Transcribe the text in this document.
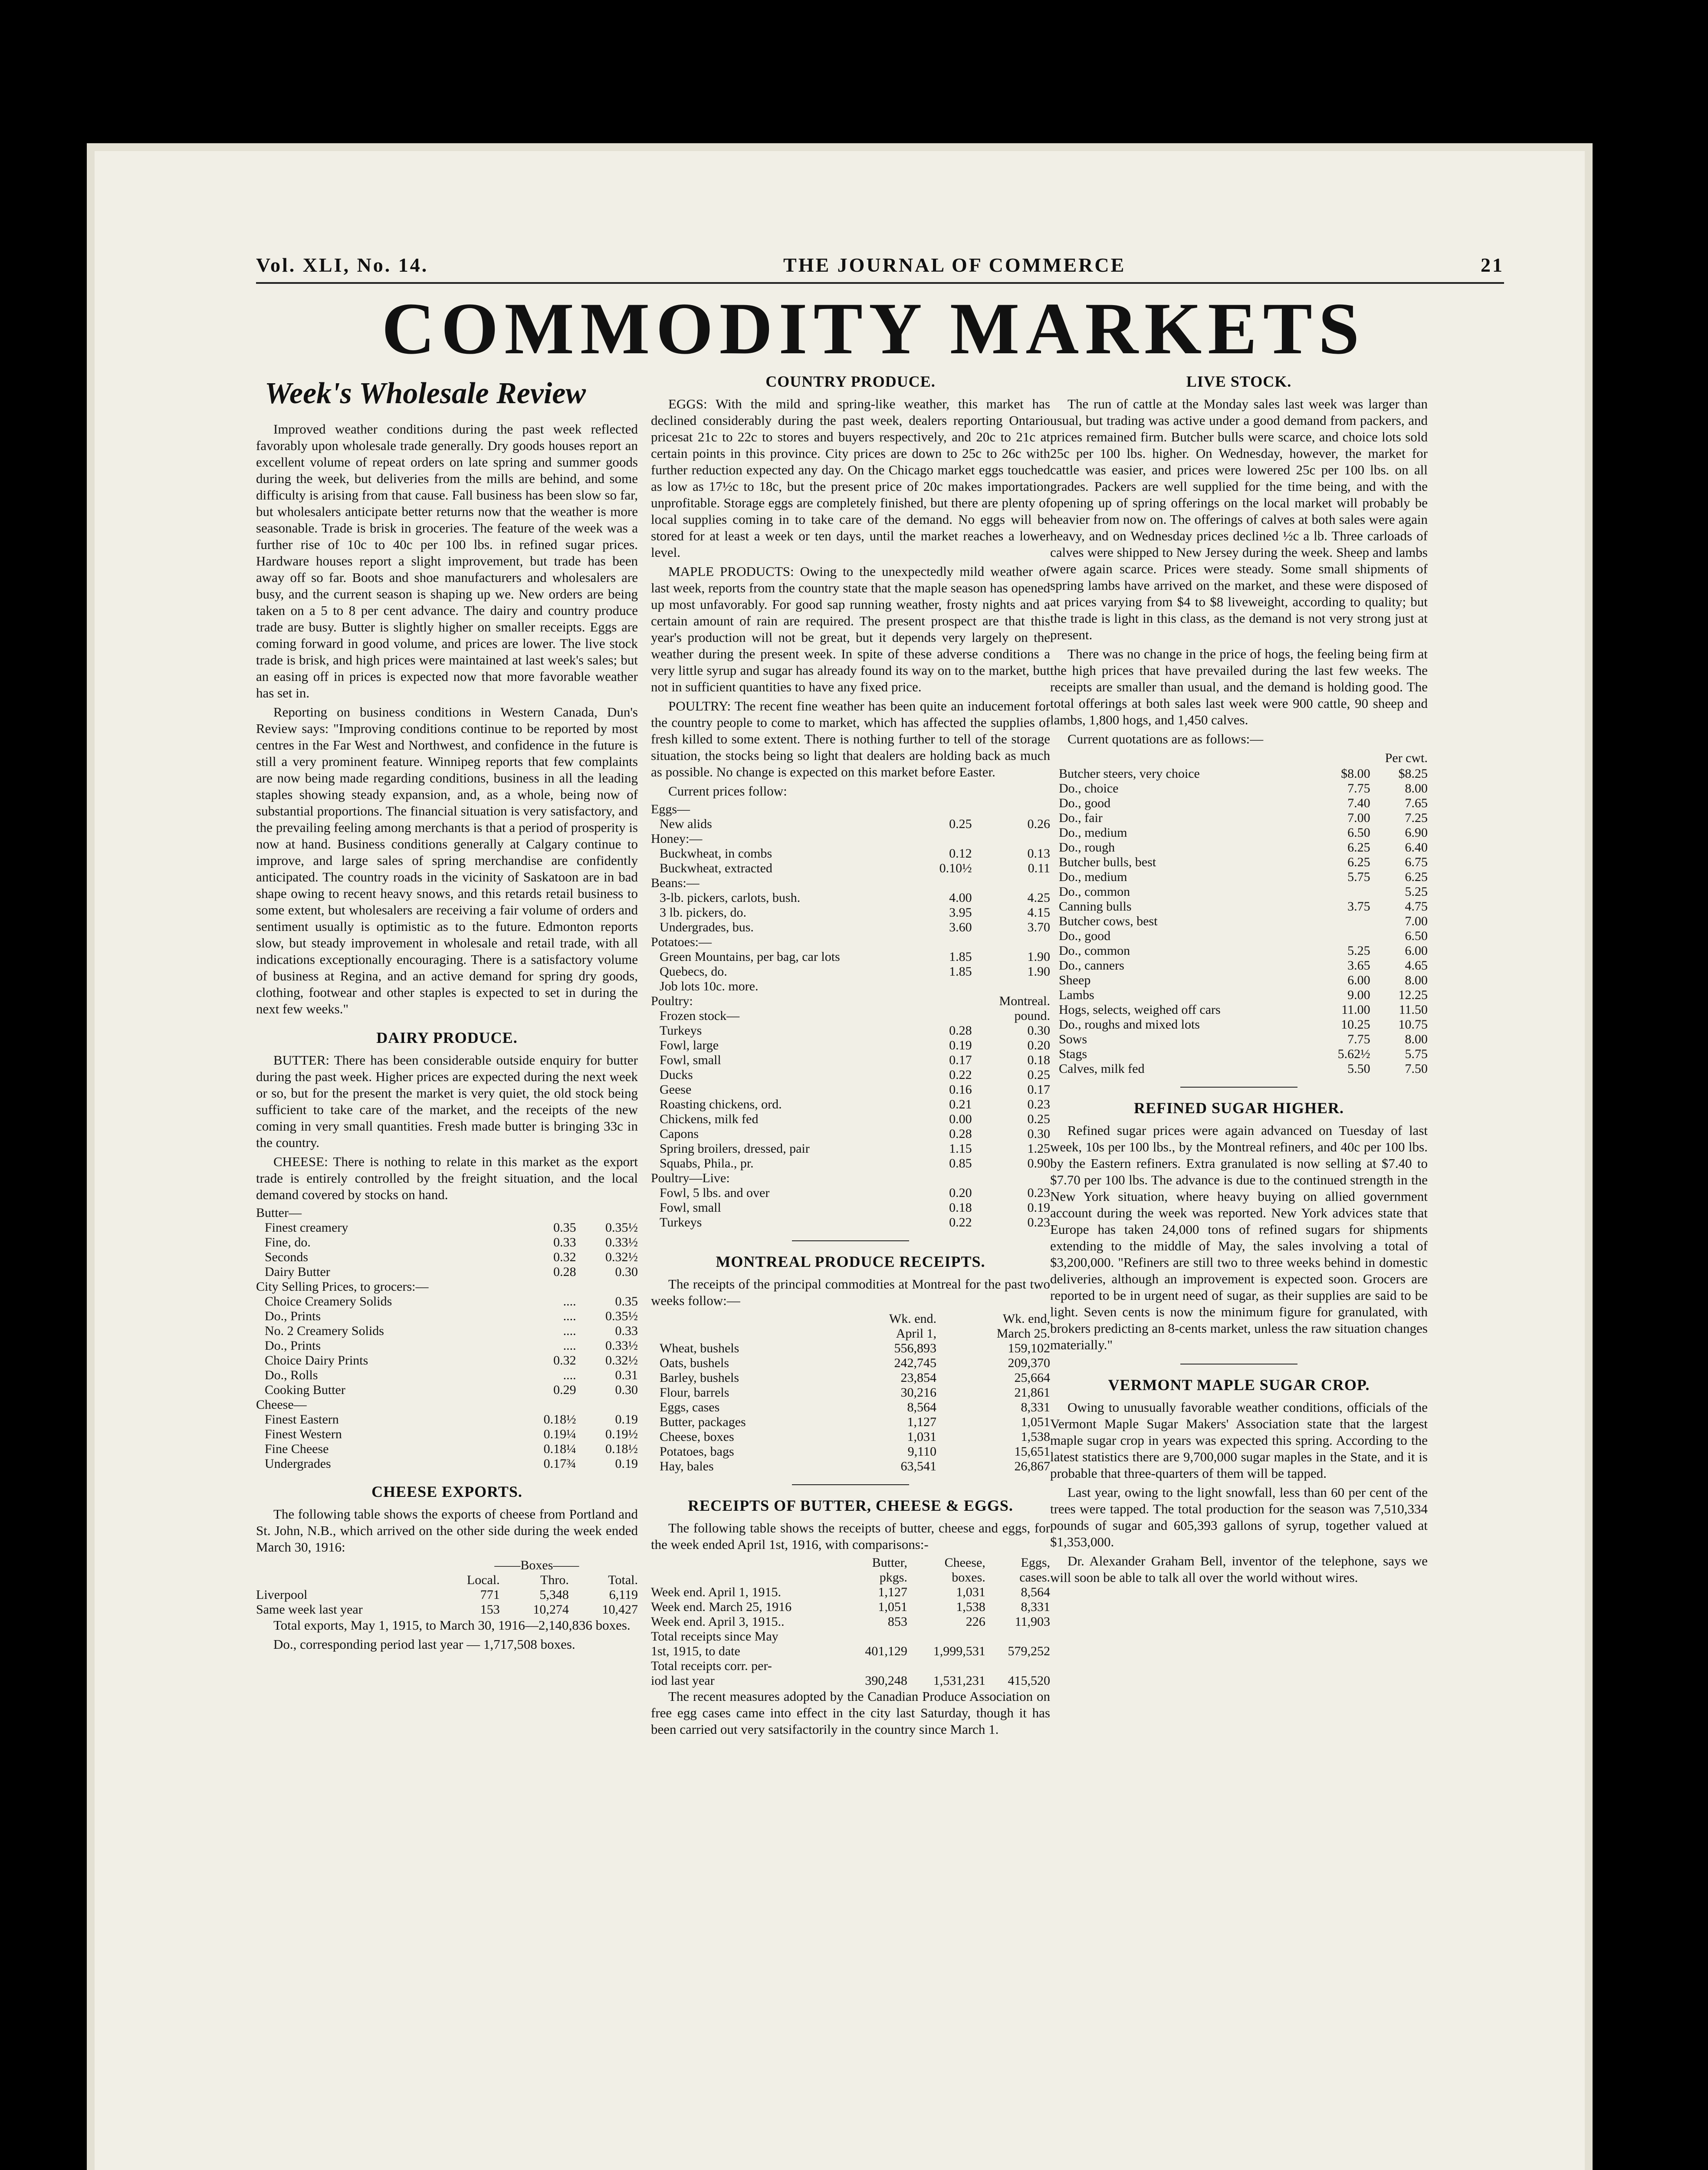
Vol. XLI, No. 14.	THE JOURNAL OF COMMERCE	21
COMMODITY MARKETS
Week's Wholesale Review

Improved weather conditions during the past week reflected favorably upon wholesale trade generally. Dry goods houses report an excellent volume of repeat orders on late spring and summer goods during the week, but deliveries from the mills are behind, and some difficulty is arising from that cause. Fall business has been slow so far, but wholesalers anticipate better returns now that the weather is more seasonable. Trade is brisk in groceries. The feature of the week was a further rise of 10c to 40c per 100 lbs. in refined sugar prices. Hardware houses report a slight improvement, but trade has been away off so far. Boots and shoe manufacturers and wholesalers are busy, and the current season is shaping up we. New orders are being taken on a 5 to 8 per cent advance. The dairy and country produce trade are busy. Butter is slightly higher on smaller receipts. Eggs are coming forward in good volume, and prices are lower. The live stock trade is brisk, and high prices were maintained at last week's sales; but an easing off in prices is expected now that more favorable weather has set in.

Reporting on business conditions in Western Canada, Dun's Review says: "Improving conditions continue to be reported by most centres in the Far West and Northwest, and confidence in the future is still a very prominent feature. Winnipeg reports that few complaints are now being made regarding conditions, business in all the leading staples showing steady expansion, and, as a whole, being now of substantial proportions. The financial situation is very satisfactory, and the prevailing feeling among merchants is that a period of prosperity is now at hand. Business conditions generally at Calgary continue to improve, and large sales of spring merchandise are confidently anticipated. The country roads in the vicinity of Saskatoon are in bad shape owing to recent heavy snows, and this retards retail business to some extent, but wholesalers are receiving a fair volume of orders and sentiment usually is optimistic as to the future. Edmonton reports slow, but steady improvement in wholesale and retail trade, with all indications exceptionally encouraging. There is a satisfactory volume of business at Regina, and an active demand for spring dry goods, clothing, footwear and other staples is expected to set in during the next few weeks."

DAIRY PRODUCE.

BUTTER: There has been considerable outside enquiry for butter during the past week. Higher prices are expected during the next week or so, but for the present the market is very quiet, the old stock being sufficient to take care of the market, and the receipts of the new coming in very small quantities. Fresh made butter is bringing 33c in the country.

CHEESE: There is nothing to relate in this market as the export trade is entirely controlled by the freight situation, and the local demand covered by stocks on hand.

Butter—		
Finest creamery	0.35	0.35½
Fine, do.	0.33	0.33½
Seconds	0.32	0.32½
Dairy Butter	0.28	0.30
City Selling Prices, to grocers:—		
Choice Creamery Solids	....	0.35
Do., Prints	....	0.35½
No. 2 Creamery Solids	....	0.33
Do., Prints	....	0.33½
Choice Dairy Prints	0.32	0.32½
Do., Rolls	....	0.31
Cooking Butter	0.29	0.30
Cheese—		
Finest Eastern	0.18½	0.19
Finest Western	0.19¼	0.19½
Fine Cheese	0.18¼	0.18½
Undergrades	0.17¾	0.19
CHEESE EXPORTS.

The following table shows the exports of cheese from Portland and St. John, N.B., which arrived on the other side during the week ended March 30, 1916:

	——Boxes——		
	Local.	Thro.	Total.
Liverpool	771	5,348	6,119
Same week last year	153	10,274	10,427

Total exports, May 1, 1915, to March 30, 1916—2,140,836 boxes.

Do., corresponding period last year — 1,717,508 boxes.

COUNTRY PRODUCE.

EGGS: With the mild and spring-like weather, this market has declined considerably during the past week, dealers reporting Ontario pricesat 21c to 22c to stores and buyers respectively, and 20c to 21c at certain points in this province. City prices are down to 25c to 26c with further reduction expected any day. On the Chicago market eggs touched as low as 17½c to 18c, but the present price of 20c makes importation unprofitable. Storage eggs are completely finished, but there are plenty of local supplies coming in to take care of the demand. No eggs will be stored for at least a week or ten days, until the market reaches a lower level.

MAPLE PRODUCTS: Owing to the unexpectedly mild weather of last week, reports from the country state that the maple season has opened up most unfavorably. For good sap running weather, frosty nights and a certain amount of rain are required. The present prospect are that this year's production will not be great, but it depends very largely on the weather during the present week. In spite of these adverse conditions a very little syrup and sugar has already found its way on to the market, but not in sufficient quantities to have any fixed price.

POULTRY: The recent fine weather has been quite an inducement for the country people to come to market, which has affected the supplies of fresh killed to some extent. There is nothing further to tell of the storage situation, the stocks being so light that dealers are holding back as much as possible. No change is expected on this market before Easter.

Current prices follow:

Eggs—		
New alids	0.25	0.26
Honey:—		
Buckwheat, in combs	0.12	0.13
Buckwheat, extracted	0.10½	0.11
Beans:—		
3-lb. pickers, carlots, bush.	4.00	4.25
3 lb. pickers, do.	3.95	4.15
Undergrades, bus.	3.60	3.70
Potatoes:—		
Green Mountains, per bag, car lots	1.85	1.90
Quebecs, do.	1.85	1.90
Job lots 10c. more.		
Poultry:		Montreal.
Frozen stock—		pound.
Turkeys	0.28	0.30
Fowl, large	0.19	0.20
Fowl, small	0.17	0.18
Ducks	0.22	0.25
Geese	0.16	0.17
Roasting chickens, ord.	0.21	0.23
Chickens, milk fed	0.00	0.25
Capons	0.28	0.30
Spring broilers, dressed, pair	1.15	1.25
Squabs, Phila., pr.	0.85	0.90
Poultry—Live:		
Fowl, 5 lbs. and over	0.20	0.23
Fowl, small	0.18	0.19
Turkeys	0.22	0.23
MONTREAL PRODUCE RECEIPTS.

The receipts of the principal commodities at Montreal for the past two weeks follow:—

	Wk. end.	Wk. end,
	April 1,	March 25.
Wheat, bushels	556,893	159,102
Oats, bushels	242,745	209,370
Barley, bushels	23,854	25,664
Flour, barrels	30,216	21,861
Eggs, cases	8,564	8,331
Butter, packages	1,127	1,051
Cheese, boxes	1,031	1,538
Potatoes, bags	9,110	15,651
Hay, bales	63,541	26,867
RECEIPTS OF BUTTER, CHEESE & EGGS.

The following table shows the receipts of butter, cheese and eggs, for the week ended April 1st, 1916, with comparisons:-

	Butter,	Cheese,	Eggs,
	pkgs.	boxes.	cases.
Week end. April 1, 1915.	1,127	1,031	8,564
Week end. March 25, 1916	1,051	1,538	8,331
Week end. April 3, 1915..	853	226	11,903
Total receipts since May			
1st, 1915, to date	401,129	1,999,531	579,252
Total receipts corr. per-			
iod last year	390,248	1,531,231	415,520

The recent measures adopted by the Canadian Produce Association on free egg cases came into effect in the city last Saturday, though it has been carried out very satsifactorily in the country since March 1.

LIVE STOCK.

The run of cattle at the Monday sales last week was larger than usual, but trading was active under a good demand from packers, and prices remained firm. Butcher bulls were scarce, and choice lots sold 25c per 100 lbs. higher. On Wednesday, however, the market for cattle was easier, and prices were lowered 25c per 100 lbs. on all grades. Packers are well supplied for the time being, and with the opening up of spring offerings on the local market will probably be heavier from now on. The offerings of calves at both sales were again heavy, and on Wednesday prices declined ½c a lb. Three carloads of calves were shipped to New Jersey during the week. Sheep and lambs were again scarce. Prices were steady. Some small shipments of spring lambs have arrived on the market, and these were disposed of at prices varying from $4 to $8 liveweight, according to quality; but the trade is light in this class, as the demand is not very strong just at present.

There was no change in the price of hogs, the feeling being firm at the high prices that have prevailed during the last few weeks. The receipts are smaller than usual, and the demand is holding good. The total offerings at both sales last week were 900 cattle, 90 sheep and lambs, 1,800 hogs, and 1,450 calves.

Current quotations are as follows:—

Per cwt.
Butcher steers, very choice	$8.00	$8.25
Do., choice	7.75	8.00
Do., good	7.40	7.65
Do., fair	7.00	7.25
Do., medium	6.50	6.90
Do., rough	6.25	6.40
Butcher bulls, best	6.25	6.75
Do., medium	5.75	6.25
Do., common		5.25
Canning bulls	3.75	4.75
Butcher cows, best		7.00
Do., good		6.50
Do., common	5.25	6.00
Do., canners	3.65	4.65
Sheep	6.00	8.00
Lambs	9.00	12.25
Hogs, selects, weighed off cars	11.00	11.50
Do., roughs and mixed lots	10.25	10.75
Sows	7.75	8.00
Stags	5.62½	5.75
Calves, milk fed	5.50	7.50
REFINED SUGAR HIGHER.

Refined sugar prices were again advanced on Tuesday of last week, 10s per 100 lbs., by the Montreal refiners, and 40c per 100 lbs. by the Eastern refiners. Extra granulated is now selling at $7.40 to $7.70 per 100 lbs. The advance is due to the continued strength in the New York situation, where heavy buying on allied government account during the week was reported. New York advices state that Europe has taken 24,000 tons of refined sugars for shipments extending to the middle of May, the sales involving a total of $3,200,000. "Refiners are still two to three weeks behind in domestic deliveries, although an improvement is expected soon. Grocers are reported to be in urgent need of sugar, as their supplies are said to be light. Seven cents is now the minimum figure for granulated, with brokers predicting an 8-cents market, unless the raw situation changes materially."

VERMONT MAPLE SUGAR CROP.

Owing to unusually favorable weather conditions, officials of the Vermont Maple Sugar Makers' Association state that the largest maple sugar crop in years was expected this spring. According to the latest statistics there are 9,700,000 sugar maples in the State, and it is probable that three-quarters of them will be tapped.

Last year, owing to the light snowfall, less than 60 per cent of the trees were tapped. The total production for the season was 7,510,334 pounds of sugar and 605,393 gallons of syrup, together valued at $1,353,000.

Dr. Alexander Graham Bell, inventor of the telephone, says we will soon be able to talk all over the world without wires.
